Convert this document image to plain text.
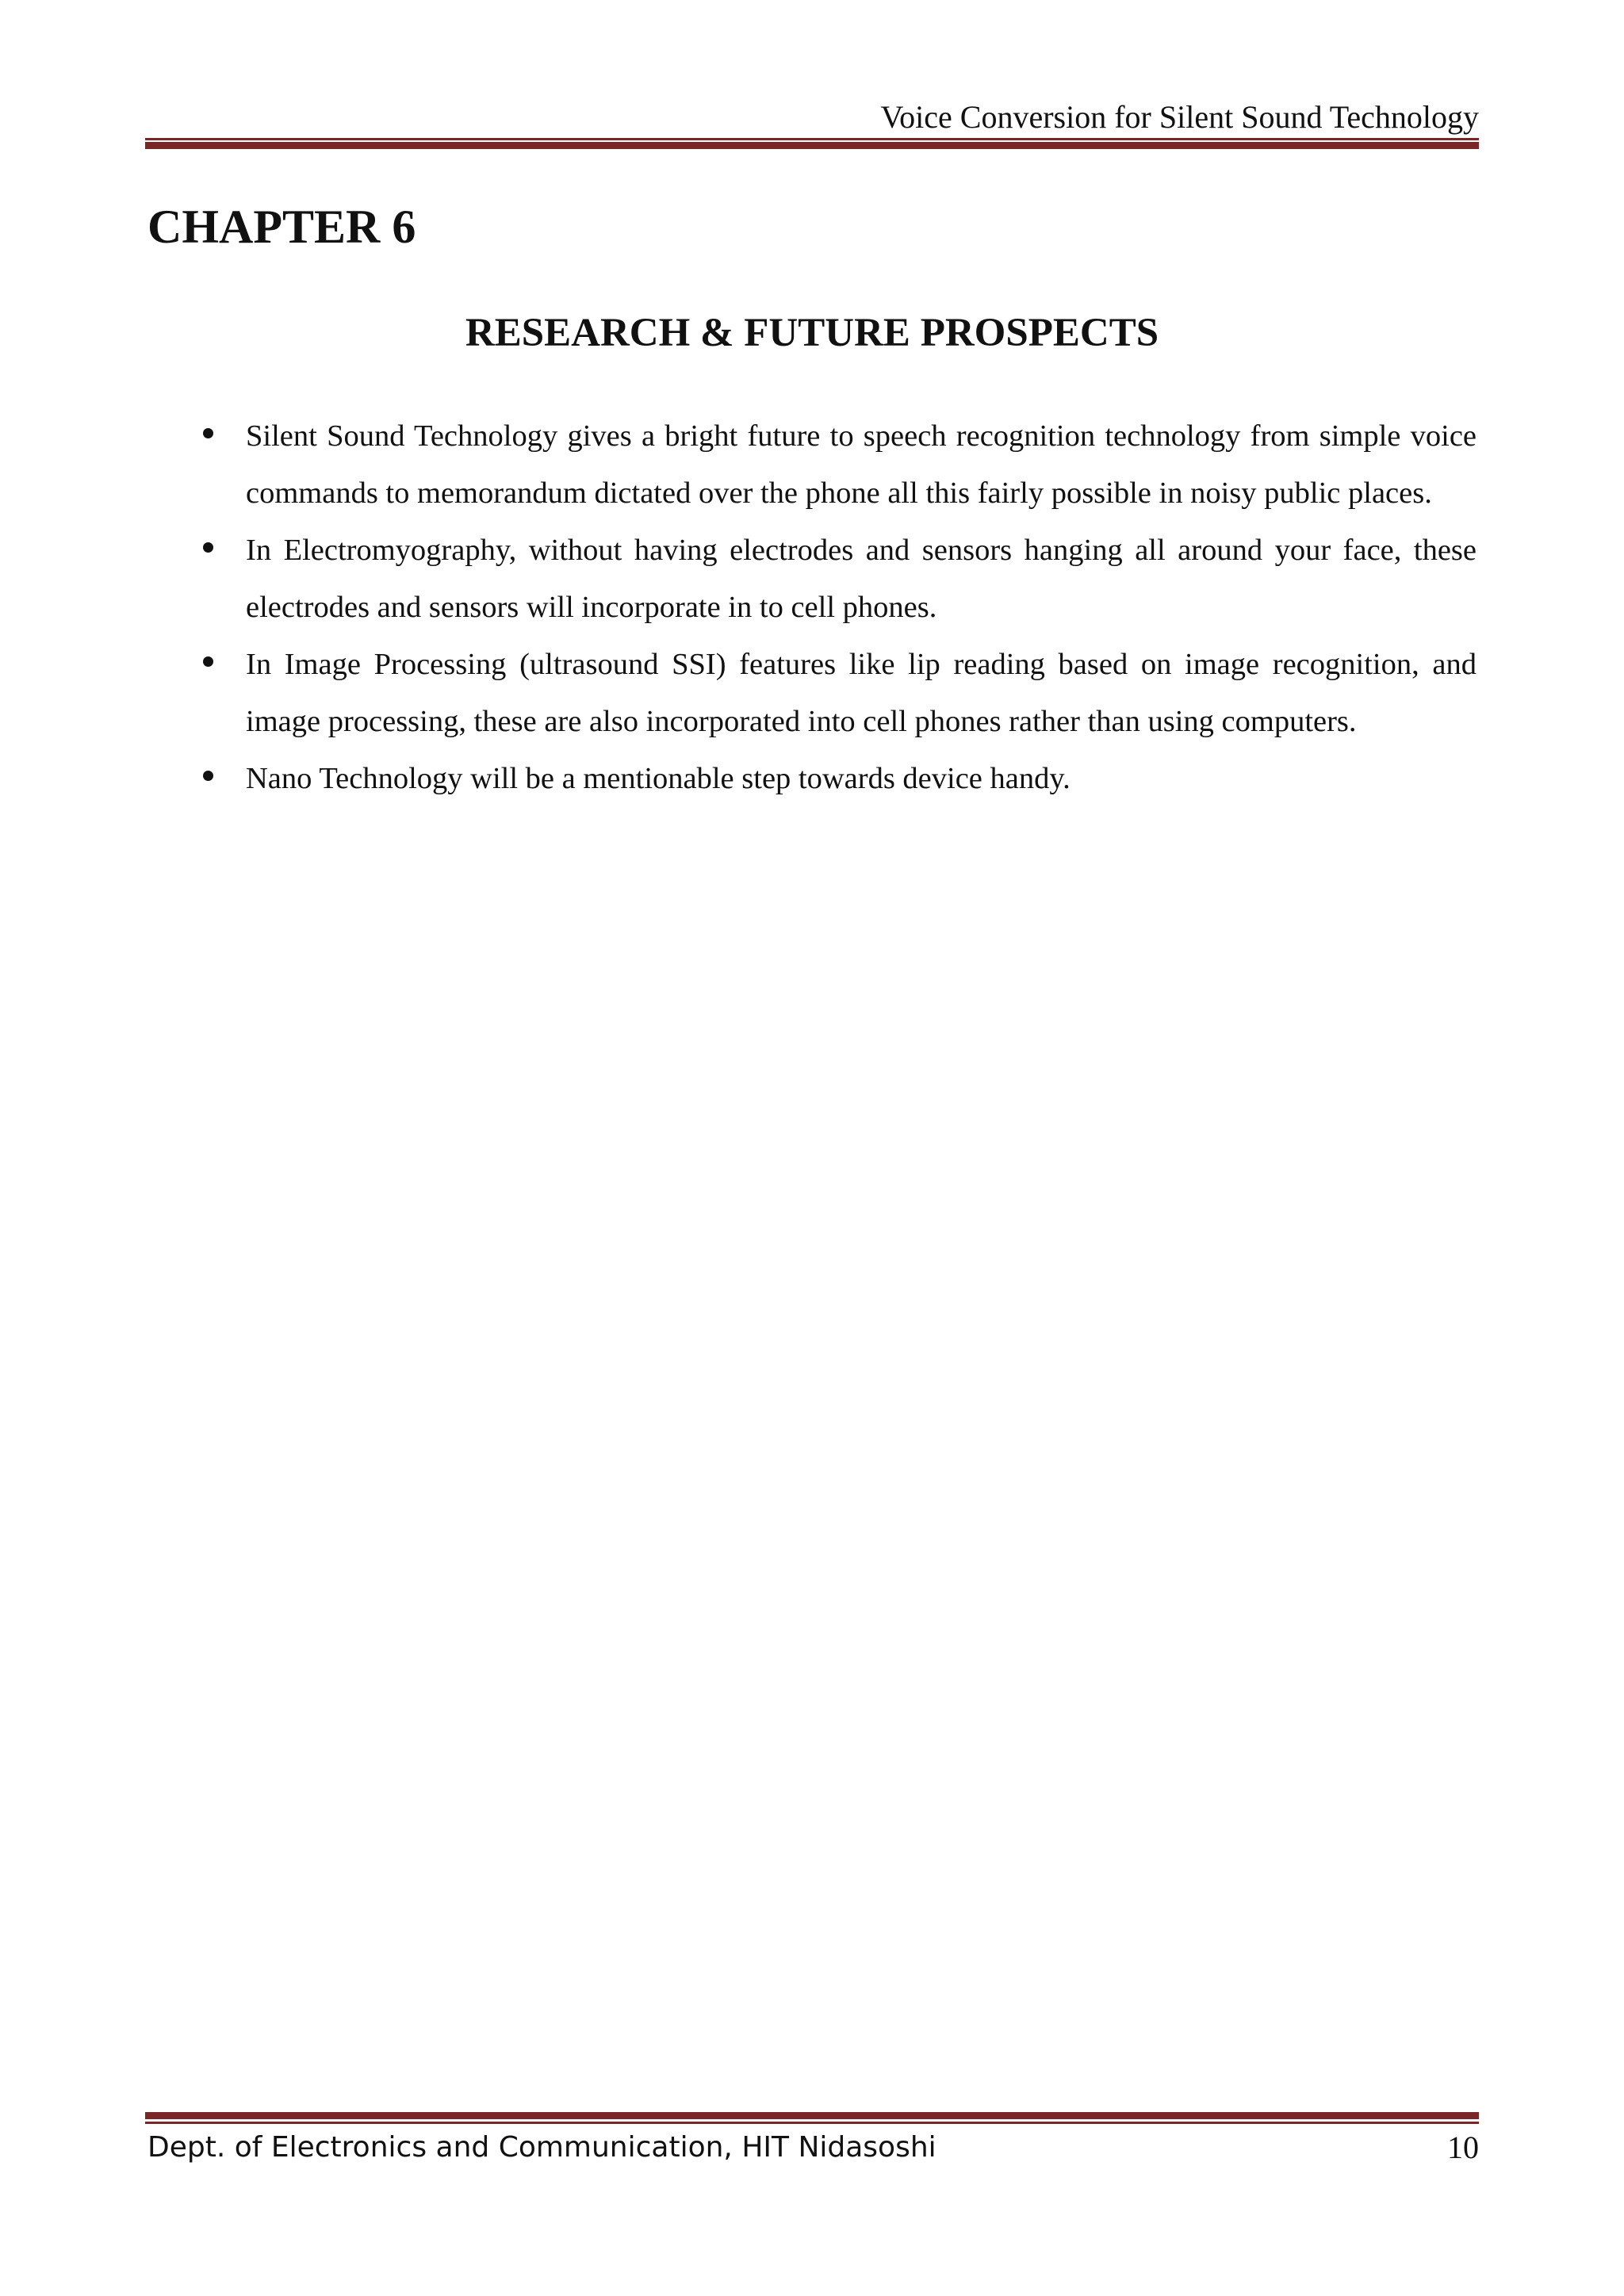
Voice Conversion for Silent Sound Technology
CHAPTER 6
RESEARCH & FUTURE PROSPECTS
Silent Sound Technology gives a bright future to speech recognition technology from simple voice commands to memorandum dictated over the phone all this fairly possible in noisy public places.
In Electromyography, without having electrodes and sensors hanging all around your face, these electrodes and sensors will incorporate in to cell phones.
In Image Processing (ultrasound SSI) features like lip reading based on image recognition, and image processing, these are also incorporated into cell phones rather than using computers.
Nano Technology will be a mentionable step towards device handy.
Dept. of Electronics and Communication, HIT Nidasoshi	10
